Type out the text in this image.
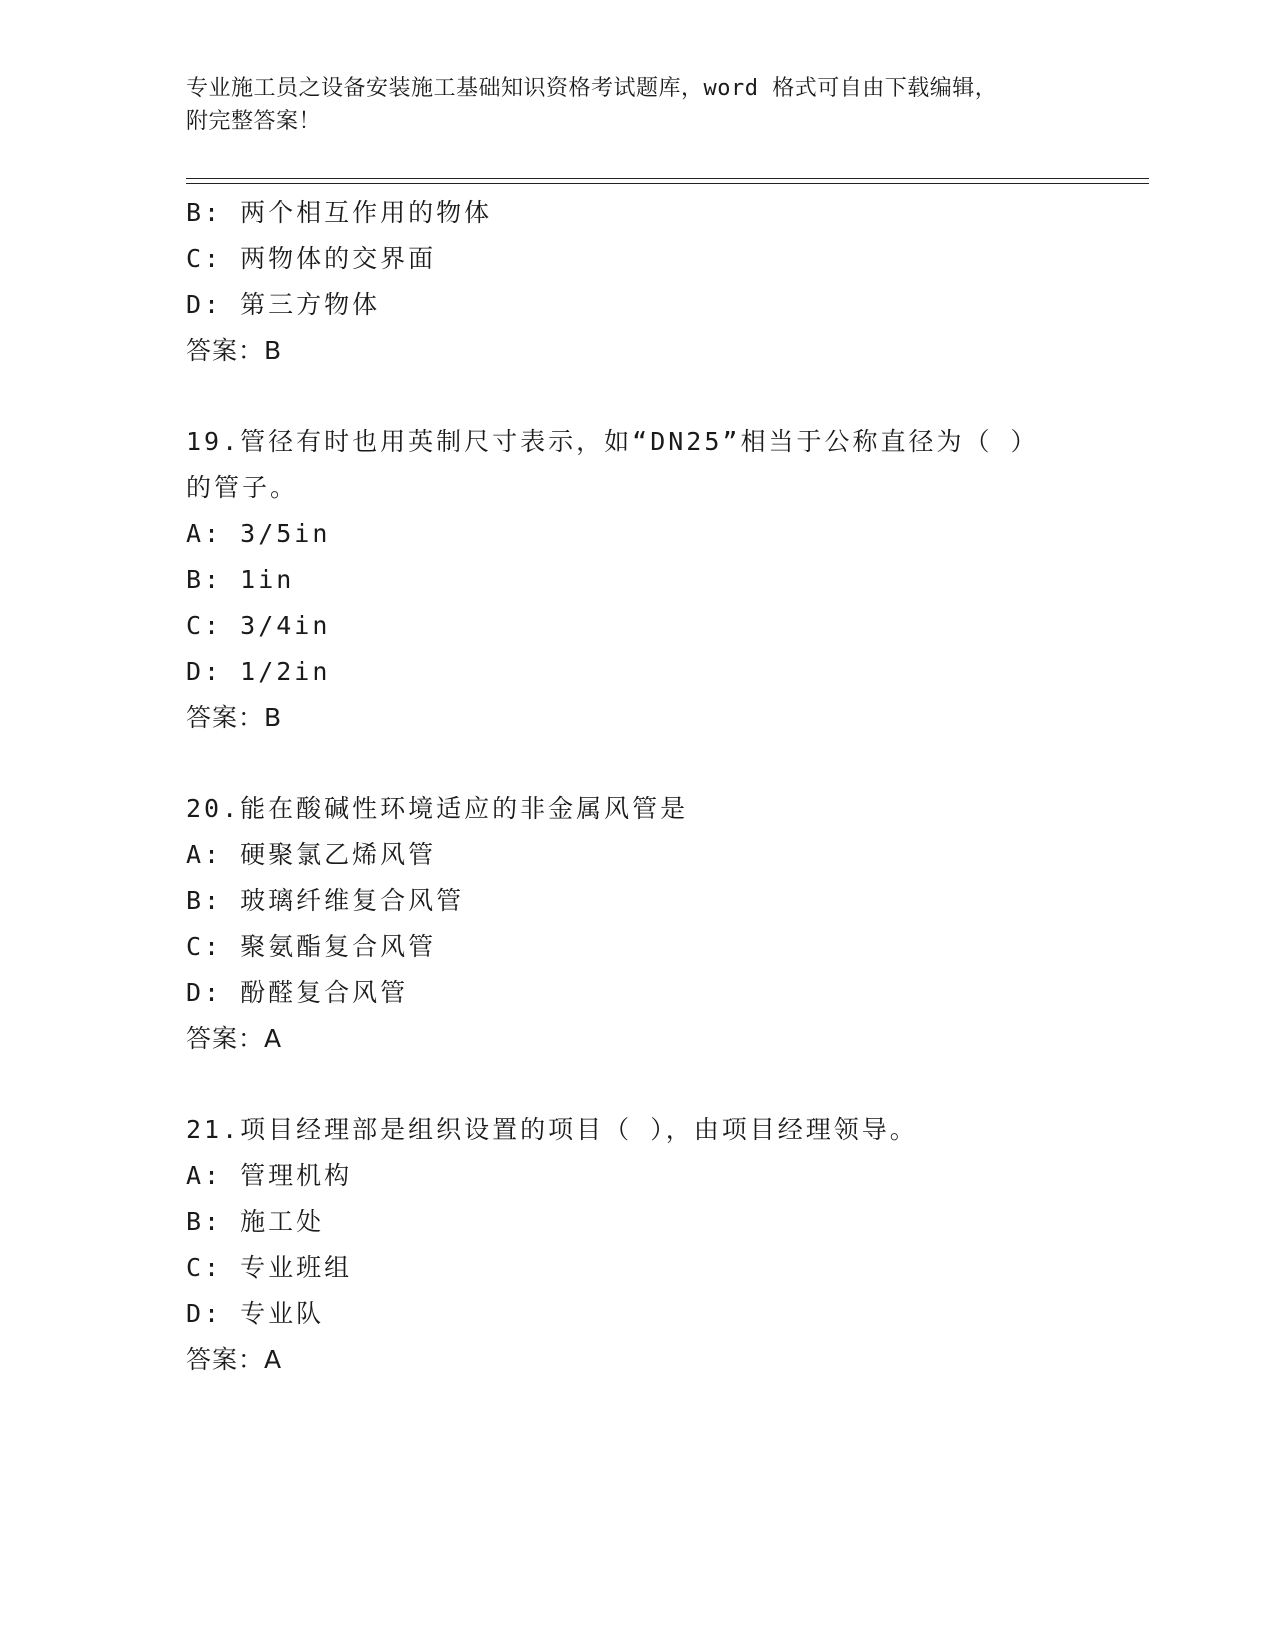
专业施工员之设备安装施工基础知识资格考试题库，word 格式可自由下载编辑，
附完整答案！
B: 两个相互作用的物体
C: 两物体的交界面
D: 第三方物体
答案：B
19.管径有时也用英制尺寸表示，如“DN25”相当于公称直径为（ ）
的管子。
A: 3/5in
B: 1in
C: 3/4in
D: 1/2in
答案：B
20.能在酸碱性环境适应的非金属风管是
A: 硬聚氯乙烯风管
B: 玻璃纤维复合风管
C: 聚氨酯复合风管
D: 酚醛复合风管
答案：A
21.项目经理部是组织设置的项目（ ），由项目经理领导。
A: 管理机构
B: 施工处
C: 专业班组
D: 专业队
答案：A
